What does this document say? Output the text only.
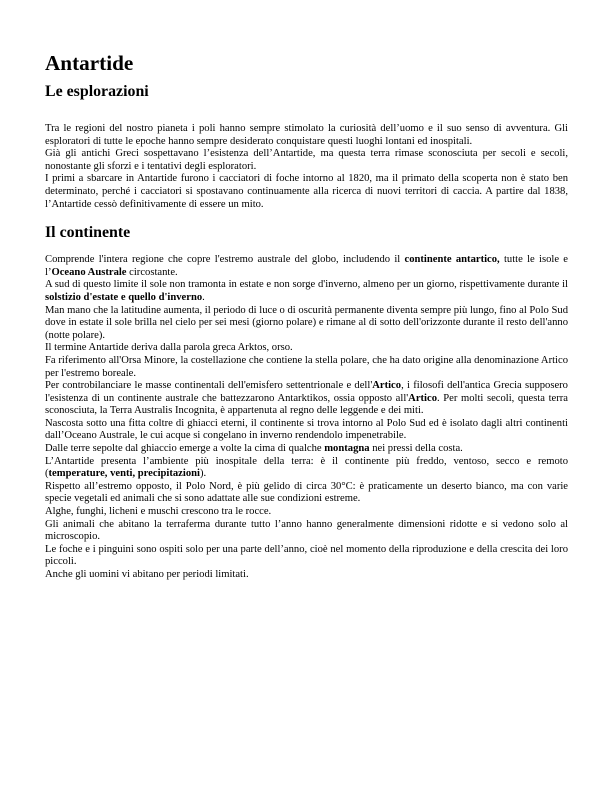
Antartide
Le esplorazioni

Tra le regioni del nostro pianeta i poli hanno sempre stimolato la curiosità dell’uomo e il suo senso di avventura. Gli esploratori di tutte le epoche hanno sempre desiderato conquistare questi luoghi lontani ed inospitali.

Già gli antichi Greci sospettavano l’esistenza dell’Antartide, ma questa terra rimase sconosciuta per secoli e secoli, nonostante gli sforzi e i tentativi degli esploratori.

I primi a sbarcare in Antartide furono i cacciatori di foche intorno al 1820, ma il primato della scoperta non è stato ben determinato, perché i cacciatori si spostavano continuamente alla ricerca di nuovi territori di caccia. A partire dal 1838, l’Antartide cessò definitivamente di essere un mito.

Il continente

Comprende l'intera regione che copre l'estremo australe del globo, includendo il continente antartico, tutte le isole e l’Oceano Australe circostante.

A sud di questo limite il sole non tramonta in estate e non sorge d'inverno, almeno per un giorno, rispettivamente durante il solstizio d'estate e quello d'inverno.

Man mano che la latitudine aumenta, il periodo di luce o di oscurità permanente diventa sempre più lungo, fino al Polo Sud dove in estate il sole brilla nel cielo per sei mesi (giorno polare) e rimane al di sotto dell'orizzonte durante il resto dell'anno (notte polare).

Il termine Antartide deriva dalla parola greca Arktos, orso.

Fa riferimento all'Orsa Minore, la costellazione che contiene la stella polare, che ha dato origine alla denominazione Artico per l'estremo boreale.

Per controbilanciare le masse continentali dell'emisfero settentrionale e dell'Artico, i filosofi dell'antica Grecia supposero l'esistenza di un continente australe che battezzarono Antarktikos, ossia opposto all'Artico. Per molti secoli, questa terra sconosciuta, la Terra Australis Incognita, è appartenuta al regno delle leggende e dei miti.

Nascosta sotto una fitta coltre di ghiacci eterni, il continente si trova intorno al Polo Sud ed è isolato dagli altri continenti dall’Oceano Australe, le cui acque si congelano in inverno rendendolo impenetrabile.

Dalle terre sepolte dal ghiaccio emerge a volte la cima di qualche montagna nei pressi della costa.

L’Antartide presenta l’ambiente più inospitale della terra: è il continente più freddo, ventoso, secco e remoto (temperature, venti, precipitazioni).

Rispetto all’estremo opposto, il Polo Nord, è più gelido di circa 30°C: è praticamente un deserto bianco, ma con varie specie vegetali ed animali che si sono adattate alle sue condizioni estreme.

Alghe, funghi, licheni e muschi crescono tra le rocce.

Gli animali che abitano la terraferma durante tutto l’anno hanno generalmente dimensioni ridotte e si vedono solo al microscopio.

Le foche e i pinguini sono ospiti solo per una parte dell’anno, cioè nel momento della riproduzione e della crescita dei loro piccoli.

Anche gli uomini vi abitano per periodi limitati.
